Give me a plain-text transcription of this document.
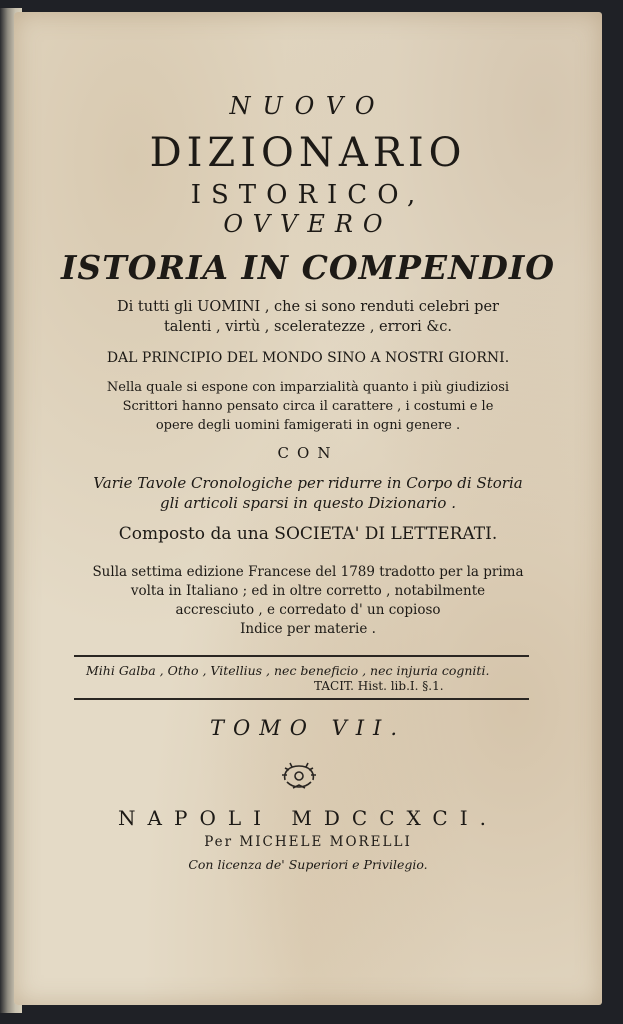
NUOVO
DIZIONARIO
ISTORICO,
OVVERO
ISTORIA IN COMPENDIO
Di tutti gli UOMINI , che si sono renduti celebri per
talenti , virtù , sceleratezze , errori &c.
DAL PRINCIPIO DEL MONDO SINO A NOSTRI GIORNI.
Nella quale si espone con imparzialità quanto i più giudiziosi
Scrittori hanno pensato circa il carattere , i costumi e le
opere degli uomini famigerati in ogni genere .
CON
Varie Tavole Cronologiche per ridurre in Corpo di Storia
gli articoli sparsi in questo Dizionario .
Composto da una SOCIETA' DI LETTERATI.
Sulla settima edizione Francese del 1789 tradotto per la prima
volta in Italiano ; ed in oltre corretto , notabilmente
accresciuto , e corredato d' un copioso
Indice per materie .
Mihi Galba , Otho , Vitellius , nec beneficio , nec injuria cogniti.
TACIT. Hist. lib.I. §.1.
TOMO VII.
NAPOLI MDCCXCI.
Per MICHELE MORELLI
Con licenza de' Superiori e Privilegio.
